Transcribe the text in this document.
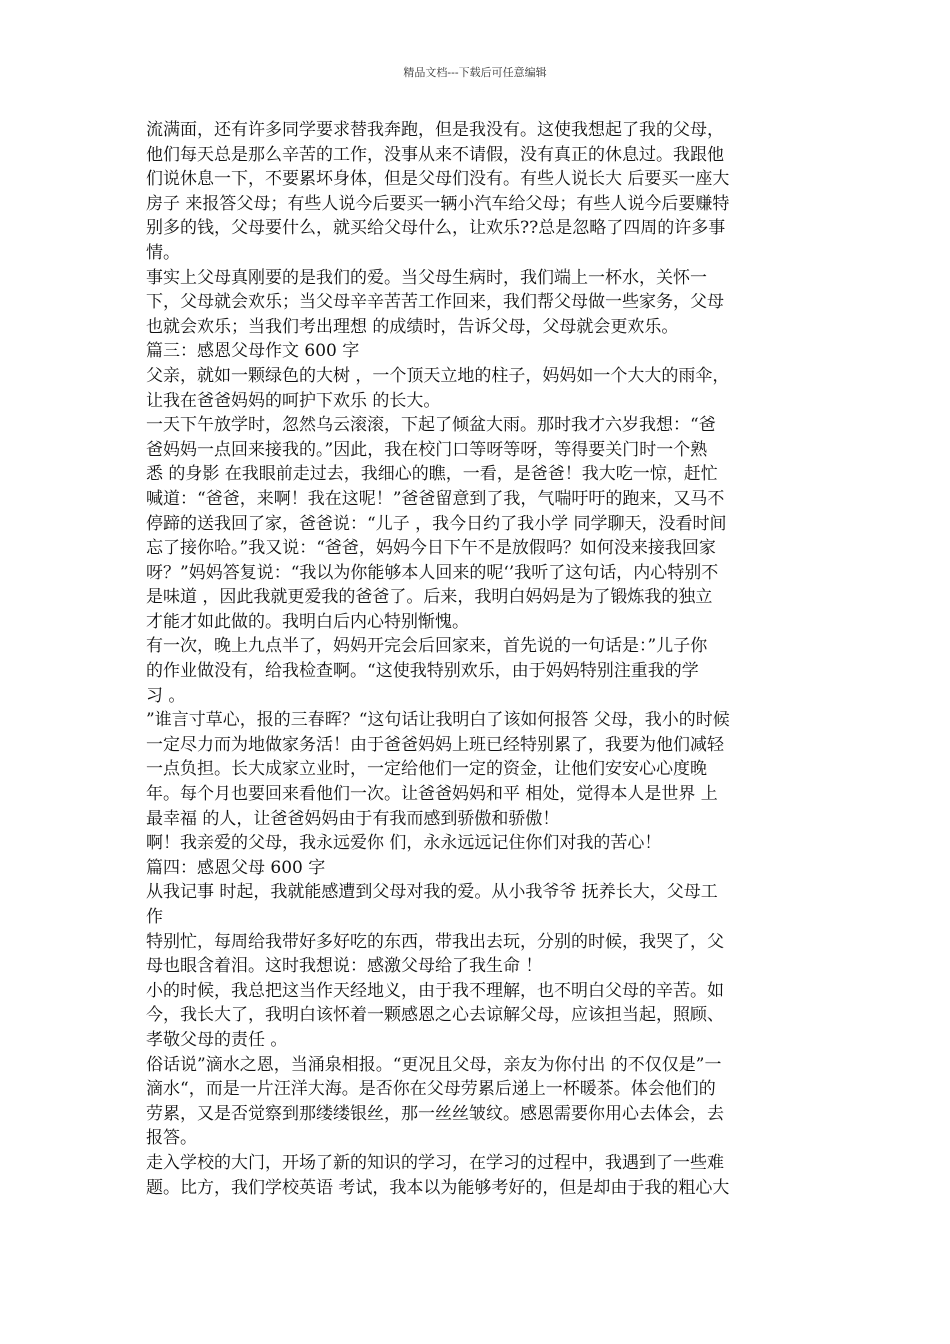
精品文档---下载后可任意编辑
流满面，还有许多同学要求替我奔跑，但是我没有。这使我想起了我的父母，
他们每天总是那么辛苦的工作，没事从来不请假，没有真正的休息过。我跟他
们说休息一下，不要累坏身体，但是父母们没有。有些人说长大 后要买一座大
房子 来报答父母；有些人说今后要买一辆小汽车给父母；有些人说今后要赚特
别多的钱，父母要什么，就买给父母什么，让欢乐??总是忽略了四周的许多事
情。
事实上父母真刚要的是我们的爱。当父母生病时，我们端上一杯水，关怀一
下，父母就会欢乐；当父母辛辛苦苦工作回来，我们帮父母做一些家务，父母
也就会欢乐；当我们考出理想 的成绩时，告诉父母，父母就会更欢乐。
篇三：感恩父母作文 600 字
父亲，就如一颗绿色的大树 ，一个顶天立地的柱子，妈妈如一个大大的雨伞，
让我在爸爸妈妈的呵护下欢乐 的长大。
一天下午放学时，忽然乌云滚滚，下起了倾盆大雨。那时我才六岁我想：“爸
爸妈妈一点回来接我的。”因此，我在校门口等呀等呀，等得要关门时一个熟
悉 的身影 在我眼前走过去，我细心的瞧，一看，是爸爸！我大吃一惊，赶忙
喊道：“爸爸，来啊！我在这呢！”爸爸留意到了我，气喘吁吁的跑来，又马不
停蹄的送我回了家，爸爸说：“儿子 ，我今日约了我小学 同学聊天，没看时间
忘了接你哈。”我又说：“爸爸，妈妈今日下午不是放假吗？如何没来接我回家
呀？”妈妈答复说：“我以为你能够本人回来的呢‘’我听了这句话，内心特别不
是味道 ，因此我就更爱我的爸爸了。后来，我明白妈妈是为了锻炼我的独立
才能才如此做的。我明白后内心特别惭愧。
有一次，晚上九点半了，妈妈开完会后回家来，首先说的一句话是：”儿子你
的作业做没有，给我检查啊。“这使我特别欢乐，由于妈妈特别注重我的学
习 。
”谁言寸草心，报的三春晖？“这句话让我明白了该如何报答 父母，我小的时候
一定尽力而为地做家务活！由于爸爸妈妈上班已经特别累了，我要为他们减轻
一点负担。长大成家立业时，一定给他们一定的资金，让他们安安心心度晚
年。每个月也要回来看他们一次。让爸爸妈妈和平 相处，觉得本人是世界 上
最幸福 的人，让爸爸妈妈由于有我而感到骄傲和骄傲！
啊！我亲爱的父母，我永远爱你 们，永永远远记住你们对我的苦心！
篇四：感恩父母 600 字
从我记事 时起，我就能感遭到父母对我的爱。从小我爷爷 抚养长大，父母工
作
特别忙，每周给我带好多好吃的东西，带我出去玩，分别的时候，我哭了，父
母也眼含着泪。这时我想说：感激父母给了我生命 ！
小的时候，我总把这当作天经地义，由于我不理解，也不明白父母的辛苦。如
今，我长大了，我明白该怀着一颗感恩之心去谅解父母，应该担当起，照顾、
孝敬父母的责任 。
俗话说”滴水之恩，当涌泉相报。“更况且父母，亲友为你付出 的不仅仅是”一
滴水“，而是一片汪洋大海。是否你在父母劳累后递上一杯暖茶。体会他们的
劳累，又是否觉察到那缕缕银丝，那一丝丝皱纹。感恩需要你用心去体会，去
报答。
走入学校的大门，开场了新的知识的学习，在学习的过程中，我遇到了一些难
题。比方，我们学校英语 考试，我本以为能够考好的，但是却由于我的粗心大
